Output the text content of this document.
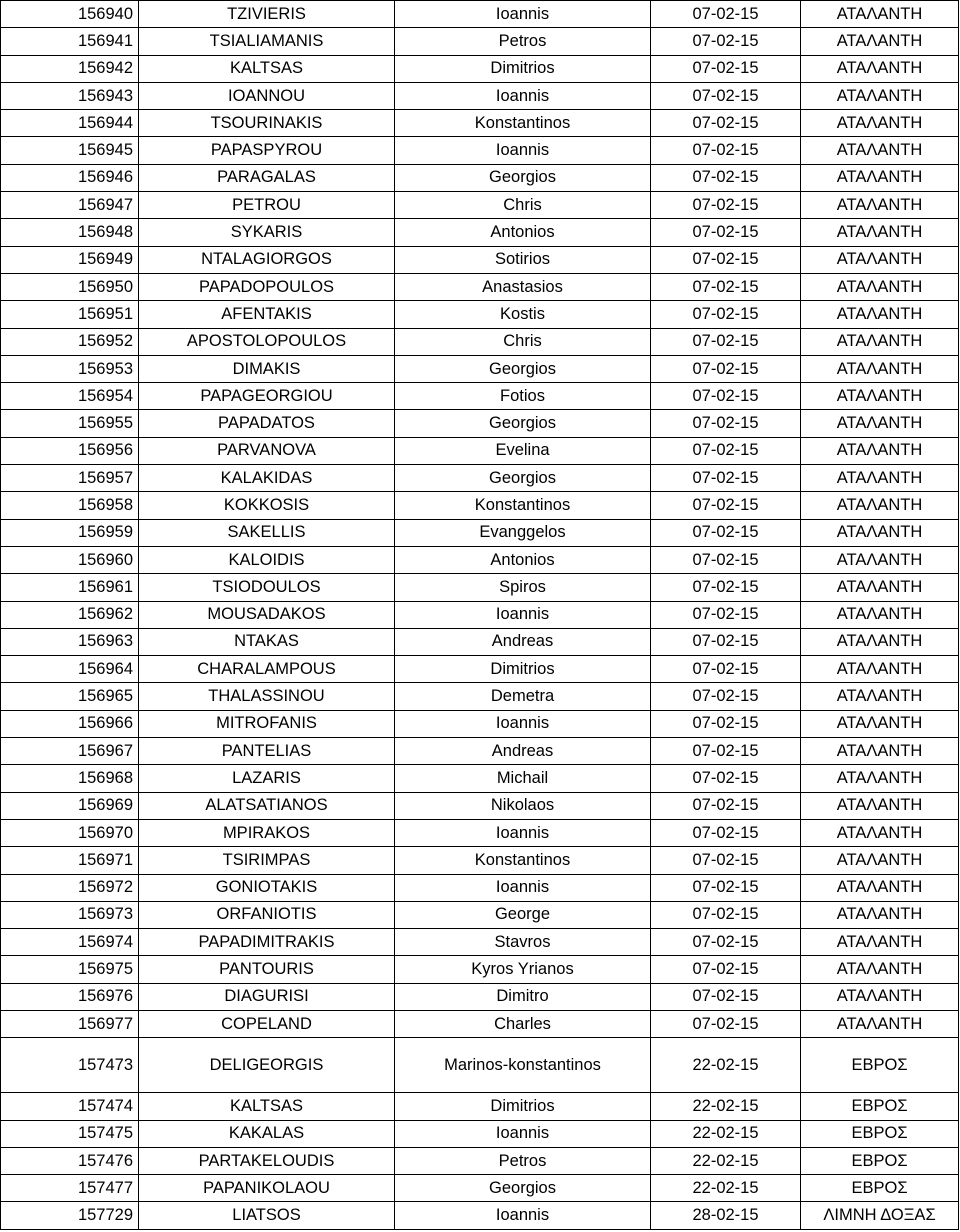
156940	TZIVIERIS	Ioannis	07-02-15	ΑΤΑΛΑΝΤΗ
156941	TSIALIAMANIS	Petros	07-02-15	ΑΤΑΛΑΝΤΗ
156942	KALTSAS	Dimitrios	07-02-15	ΑΤΑΛΑΝΤΗ
156943	IOANNOU	Ioannis	07-02-15	ΑΤΑΛΑΝΤΗ
156944	TSOURINAKIS	Konstantinos	07-02-15	ΑΤΑΛΑΝΤΗ
156945	PAPASPYROU	Ioannis	07-02-15	ΑΤΑΛΑΝΤΗ
156946	PARAGALAS	Georgios	07-02-15	ΑΤΑΛΑΝΤΗ
156947	PETROU	Chris	07-02-15	ΑΤΑΛΑΝΤΗ
156948	SYKARIS	Antonios	07-02-15	ΑΤΑΛΑΝΤΗ
156949	NTALAGIORGOS	Sotirios	07-02-15	ΑΤΑΛΑΝΤΗ
156950	PAPADOPOULOS	Anastasios	07-02-15	ΑΤΑΛΑΝΤΗ
156951	AFENTAKIS	Kostis	07-02-15	ΑΤΑΛΑΝΤΗ
156952	APOSTOLOPOULOS	Chris	07-02-15	ΑΤΑΛΑΝΤΗ
156953	DIMAKIS	Georgios	07-02-15	ΑΤΑΛΑΝΤΗ
156954	PAPAGEORGIOU	Fotios	07-02-15	ΑΤΑΛΑΝΤΗ
156955	PAPADATOS	Georgios	07-02-15	ΑΤΑΛΑΝΤΗ
156956	PARVANOVA	Evelina	07-02-15	ΑΤΑΛΑΝΤΗ
156957	KALAKIDAS	Georgios	07-02-15	ΑΤΑΛΑΝΤΗ
156958	KOKKOSIS	Konstantinos	07-02-15	ΑΤΑΛΑΝΤΗ
156959	SAKELLIS	Evanggelos	07-02-15	ΑΤΑΛΑΝΤΗ
156960	KALOIDIS	Antonios	07-02-15	ΑΤΑΛΑΝΤΗ
156961	TSIODOULOS	Spiros	07-02-15	ΑΤΑΛΑΝΤΗ
156962	MOUSADAKOS	Ioannis	07-02-15	ΑΤΑΛΑΝΤΗ
156963	NTAKAS	Andreas	07-02-15	ΑΤΑΛΑΝΤΗ
156964	CHARALAMPOUS	Dimitrios	07-02-15	ΑΤΑΛΑΝΤΗ
156965	THALASSINOU	Demetra	07-02-15	ΑΤΑΛΑΝΤΗ
156966	MITROFANIS	Ioannis	07-02-15	ΑΤΑΛΑΝΤΗ
156967	PANTELIAS	Andreas	07-02-15	ΑΤΑΛΑΝΤΗ
156968	LAZARIS	Michail	07-02-15	ΑΤΑΛΑΝΤΗ
156969	ALATSATIANOS	Nikolaos	07-02-15	ΑΤΑΛΑΝΤΗ
156970	MPIRAKOS	Ioannis	07-02-15	ΑΤΑΛΑΝΤΗ
156971	TSIRIMPAS	Konstantinos	07-02-15	ΑΤΑΛΑΝΤΗ
156972	GONIOTAKIS	Ioannis	07-02-15	ΑΤΑΛΑΝΤΗ
156973	ORFANIOTIS	George	07-02-15	ΑΤΑΛΑΝΤΗ
156974	PAPADIMITRAKIS	Stavros	07-02-15	ΑΤΑΛΑΝΤΗ
156975	PANTOURIS	Kyros Yrianos	07-02-15	ΑΤΑΛΑΝΤΗ
156976	DIAGURISI	Dimitro	07-02-15	ΑΤΑΛΑΝΤΗ
156977	COPELAND	Charles	07-02-15	ΑΤΑΛΑΝΤΗ
157473	DELIGEORGIS	Marinos-konstantinos	22-02-15	ΕΒΡΟΣ
157474	KALTSAS	Dimitrios	22-02-15	ΕΒΡΟΣ
157475	KAKALAS	Ioannis	22-02-15	ΕΒΡΟΣ
157476	PARTAKELOUDIS	Petros	22-02-15	ΕΒΡΟΣ
157477	PAPANIKOLAOU	Georgios	22-02-15	ΕΒΡΟΣ
157729	LIATSOS	Ioannis	28-02-15	ΛΙΜΝΗ ΔΟΞΑΣ
